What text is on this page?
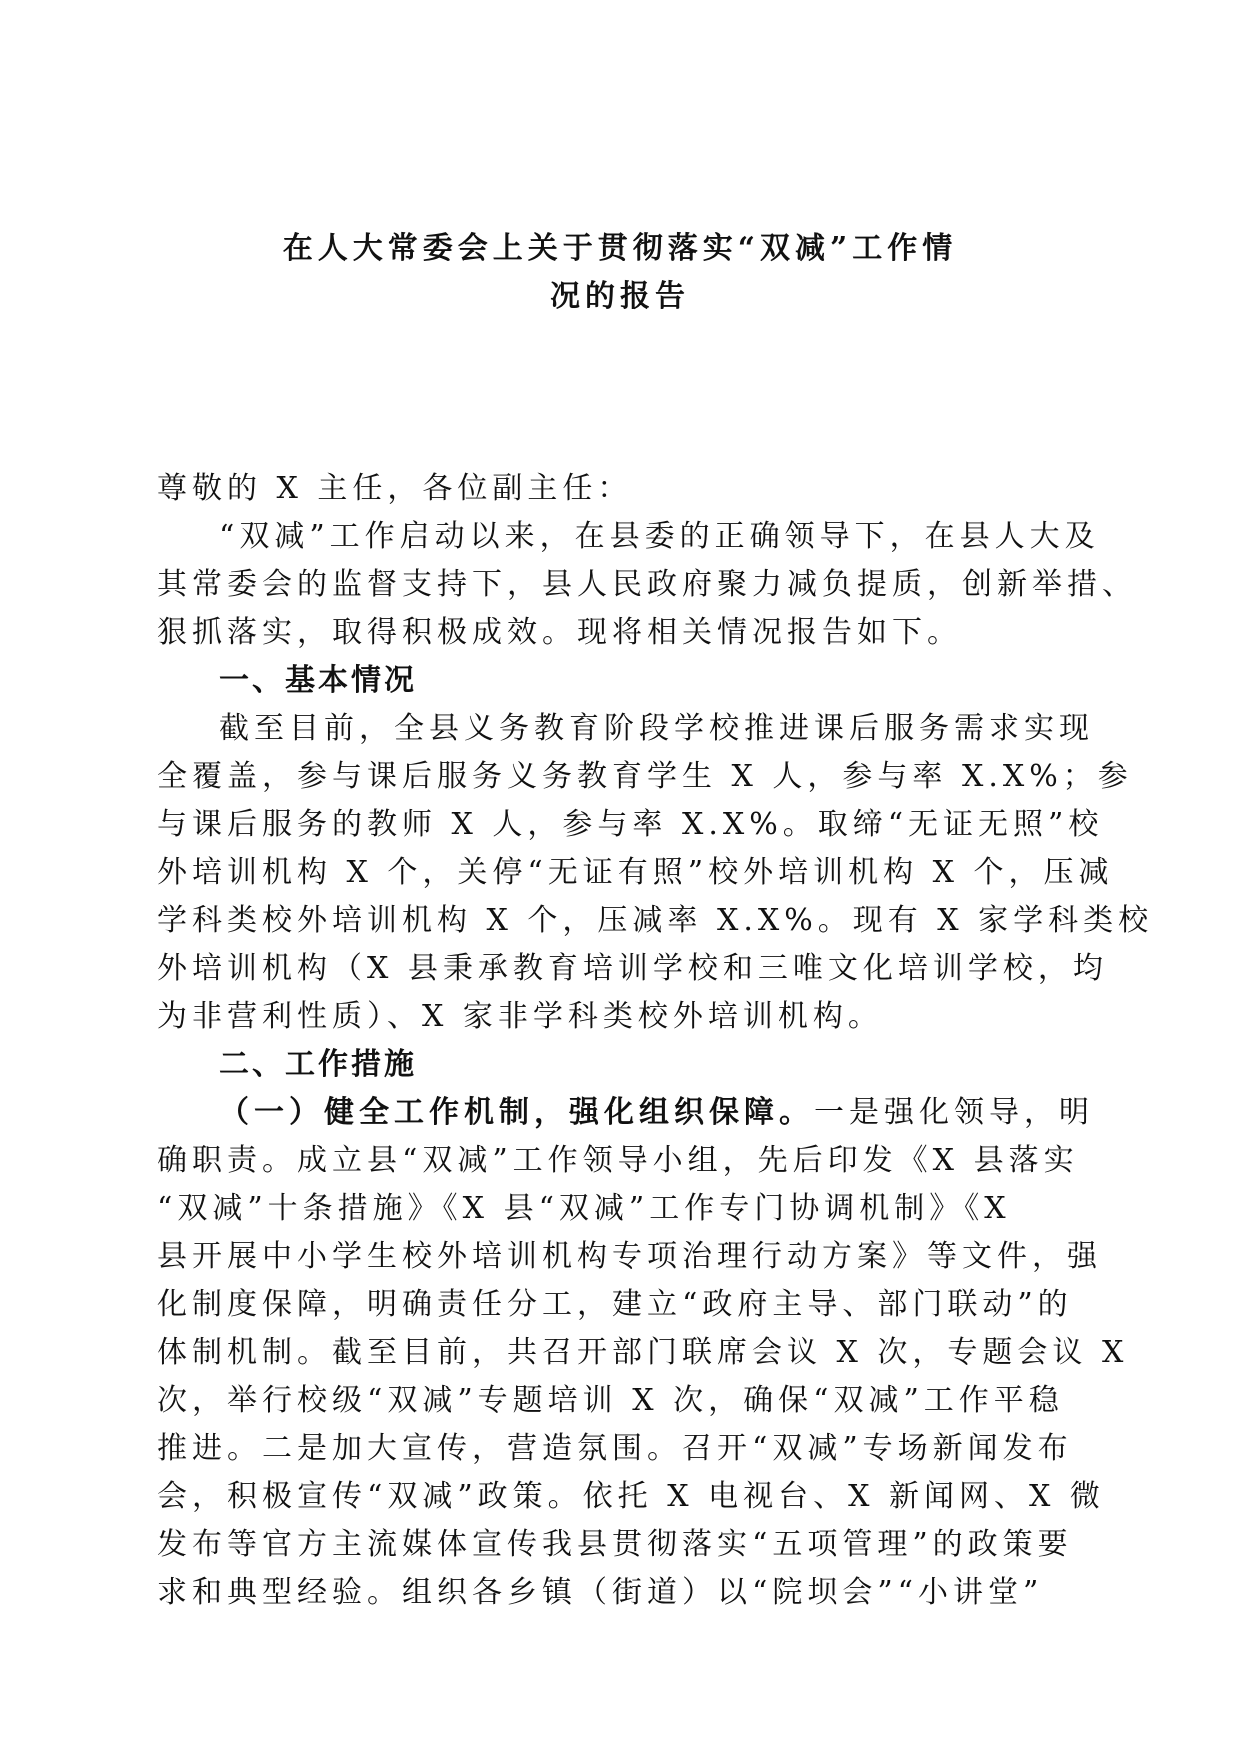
在人大常委会上关于贯彻落实“双减”工作情
况的报告
尊敬的 X 主任，各位副主任：
“双减”工作启动以来，在县委的正确领导下，在县人大及
其常委会的监督支持下，县人民政府聚力减负提质，创新举措、
狠抓落实，取得积极成效。现将相关情况报告如下。
一、基本情况
截至目前，全县义务教育阶段学校推进课后服务需求实现
全覆盖，参与课后服务义务教育学生 X 人，参与率 X.X%；参
与课后服务的教师 X 人，参与率 X.X%。取缔“无证无照”校
外培训机构 X 个，关停“无证有照”校外培训机构 X 个，压减
学科类校外培训机构 X 个，压减率 X.X%。现有 X 家学科类校
外培训机构（X 县秉承教育培训学校和三唯文化培训学校，均
为非营利性质）、X 家非学科类校外培训机构。
二、工作措施
（一）健全工作机制，强化组织保障。一是强化领导，明
确职责。成立县“双减”工作领导小组，先后印发《X 县落实
“双减”十条措施》《X 县“双减”工作专门协调机制》《X
县开展中小学生校外培训机构专项治理行动方案》等文件，强
化制度保障，明确责任分工，建立“政府主导、部门联动”的
体制机制。截至目前，共召开部门联席会议 X 次，专题会议 X
次，举行校级“双减”专题培训 X 次，确保“双减”工作平稳
推进。二是加大宣传，营造氛围。召开“双减”专场新闻发布
会，积极宣传“双减”政策。依托 X 电视台、X 新闻网、X 微
发布等官方主流媒体宣传我县贯彻落实“五项管理”的政策要
求和典型经验。组织各乡镇（街道）以“院坝会”“小讲堂”
